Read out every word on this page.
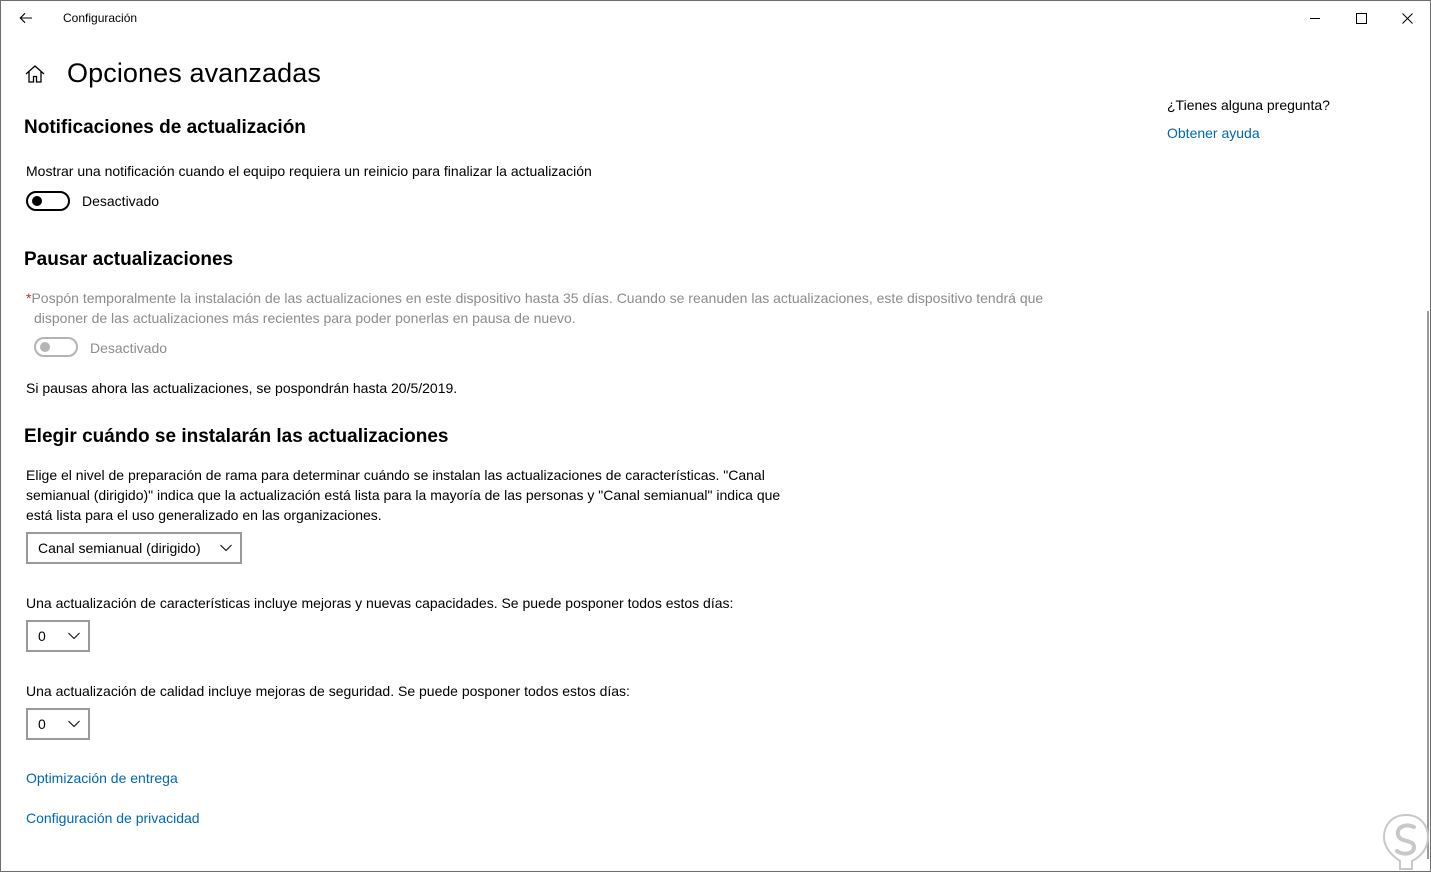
Configuración
Opciones avanzadas
Notificaciones de actualización

Mostrar una notificación cuando el equipo requiera un reinicio para finalizar la actualización

Desactivado
Pausar actualizaciones

*Pospón temporalmente la instalación de las actualizaciones en este dispositivo hasta 35 días. Cuando se reanuden las actualizaciones, este dispositivo tendrá que

disponer de las actualizaciones más recientes para poder ponerlas en pausa de nuevo.

Desactivado

Si pausas ahora las actualizaciones, se pospondrán hasta 20/5/2019.

Elegir cuándo se instalarán las actualizaciones

Elige el nivel de preparación de rama para determinar cuándo se instalan las actualizaciones de características. "Canal

semianual (dirigido)" indica que la actualización está lista para la mayoría de las personas y "Canal semianual" indica que

está lista para el uso generalizado en las organizaciones.

Canal semianual (dirigido)

Una actualización de características incluye mejoras y nuevas capacidades. Se puede posponer todos estos días:

0

Una actualización de calidad incluye mejoras de seguridad. Se puede posponer todos estos días:

0
Optimización de entrega
Configuración de privacidad

¿Tienes alguna pregunta?

Obtener ayuda
